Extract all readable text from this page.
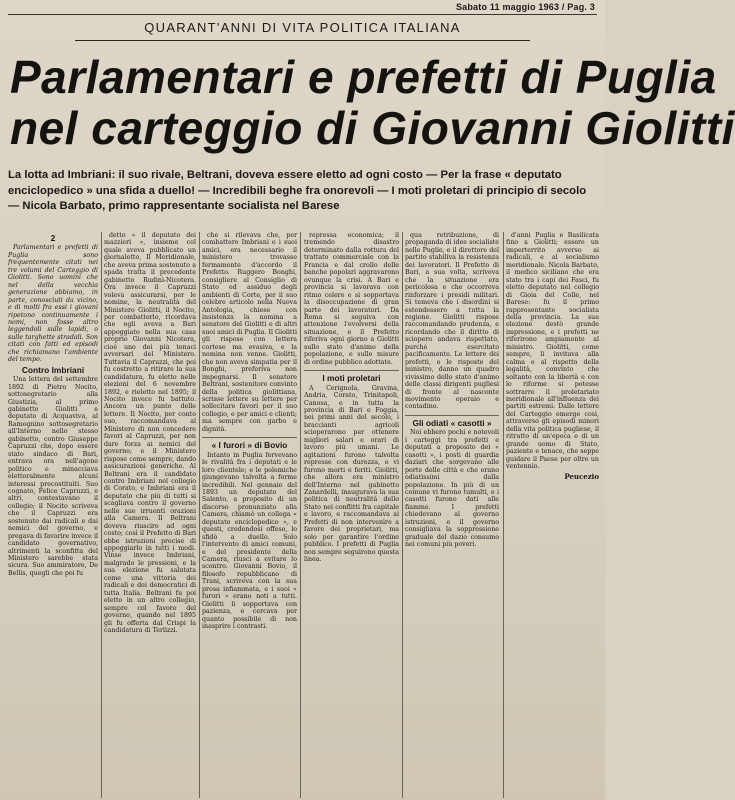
Sabato 11 maggio 1963 / Pag. 3
QUARANT'ANNI DI VITA POLITICA ITALIANA
Parlamentari e prefetti di Puglia
nel carteggio di Giovanni Giolitti
La lotta ad Imbriani: il suo rivale, Beltrani, doveva essere eletto ad ogni costo — Per la frase « deputato enciclopedico » una sfida a duello! — Incredibili beghe fra onorevoli — I moti proletari di principio di secolo — Nicola Barbato, primo rappresentante socialista nel Barese
2

Parlamentari e prefetti di Puglia sono frequentemente citati nei tre volumi del Carteggio di Giolitti. Sono uomini che nel della vecchia generazione abbiamo, in parte, conosciuti da vicino, e di molti fra essi i giovani ripetono continuamente i nomi, non fosse altro leggendoli sulle lapidi, o sulle targhette stradali. Son citati con fatti ed episodi che richiamano l'ambiente del tempo.

Contro Imbriani

Una lettera del settembre 1892 di Pietro Nocito, sottosegretario alla Giustizia, al primo gabinetto Giolitti e deputato di Acquaviva, al Ramognino sottosegretario all'Interno nello stesso gabinetto, contro Giuseppe Capruzzi che, dopo essere stato sindaco di Bari, entrava ora nell'agone politico e minacciava elettoralmente alcuni interessi precostituiti. Suo cognato, Felice Capruzzi, e altri, contestavano il collegio; il Nocito scriveva che il Capruzzi era sostenuto dai radicali e dai nemici del governo, e pregava di favorire invece il candidato governativo, altrimenti la sconfitta del Ministero sarebbe stata sicura. Suo ammiratore, De Bellis, quegli che poi fu

detto « il deputato dei mazzieri », insieme col quale aveva pubblicato un giornaletto, Il Meridionale, che aveva prima sostenuto a spada tratta il precedente gabinetto Rudinì-Nicotera. Ora invece il Capruzzi voleva assicurarsi, per le nomine, la neutralità del Ministero Giolitti, il Nocito, per combatterlo, ricordava che egli aveva a Bari appoggiato nella sua casa proprio Giovanni Nicotera, cioè uno dei più tenaci avversari del Ministero. Tuttavia il Capruzzi, che poi fu costretto a ritirare la sua candidatura, fu eletto nelle elezioni del 6 novembre 1892, e rieletto nel 1895; il Nocito invece fu battuto. Ancora un punto delle lettere. Il Nocito, per conto suo, raccomandava al Ministero di non concedere favori al Capruzzi, per non dare forza ai nemici del governo; e il Ministero rispose come sempre, dando assicurazioni generiche. Al Beltrani era il candidato contro Imbriani nel collegio di Corato, e Imbriani era il deputato che più di tutti si scagliava contro il governo nelle sue irruenti orazioni alla Camera. Il Beltrani doveva riuscire ad ogni costo; così il Prefetto di Bari ebbe istruzioni precise di appoggiarlo in tutti i modi. Vinse invece Imbriani, malgrado le pressioni, e la sua elezione fu salutata come una vittoria dei radicali e dei democratici di tutta Italia. Beltrani fu poi eletto in un altro collegio, sempre col favore del governo, quando nel 1895 gli fu offerta dal Crispi la candidatura di Terlizzi.

che si rilevava che, per combattere Imbriani e i suoi amici, era necessario il ministero trovasse fermamente d'accordo il Prefetto. Ruggero Bonghi, consigliere al Consiglio di Stato ed assiduo degli ambienti di Corte, per il suo celebre articolo nella Nuova Antologia, chiese con insistenza la nomina a senatore del Giolitti e di altri suoi amici di Puglia. Il Giolitti gli rispose con lettera cortese ma evasiva, e la nomina non venne. Giolitti, che non aveva simpatia per il Bonghi, preferiva non impegnarsi. Il senatore Beltrani, sostenitore convinto della politica giolittiana, scrisse lettere su lettere per sollecitare favori per il suo collegio, e per amici e clienti; ma sempre con garbo e dignità.

« I furori » di Bovio

Intanto in Puglia fervevano le rivalità fra i deputati e le loro clientele; e le polemiche giungevano talvolta a forme incredibili. Nel gennaio del 1893 un deputato del Salento, a proposito di un discorso pronunziato alla Camera, chiamò un collega « deputato enciclopedico », e questi, credendosi offeso, lo sfidò a duello. Solo l'intervento di amici comuni, e del presidente della Camera, riuscì a evitare lo scontro. Giovanni Bovio, il filosofo repubblicano di Trani, scriveva con la sua prosa infiammata, e i suoi « furori » erano noti a tutti. Giolitti li sopportava con pazienza, e cercava per quanto possibile di non inasprire i contrasti.

repressa economica; il tremendo disastro determinato dalla rottura del trattato commerciale con la Francia e dal crollo delle banche popolari aggravarono ovunque la crisi. A Bari e provincia si lavorava con ritmo celere e si sopportava la disoccupazione di gran parte dei lavoratori. Da Roma si seguiva con attenzione l'evolversi della situazione, e il Prefetto riferiva ogni giorno a Giolitti sullo stato d'animo della popolazione, e sulle misure di ordine pubblico adottate.

I moti proletari

A Cerignola, Gravina, Andria, Corato, Trinitapoli, Canosa, e in tutta la provincia di Bari e Foggia, nei primi anni del secolo, i braccianti agricoli scioperarono per ottenere migliori salari e orari di lavoro più umani. Le agitazioni furono talvolta represse con durezza, e vi furono morti e feriti. Giolitti, che allora era ministro dell'Interno nel gabinetto Zanardelli, inaugurava la sua politica di neutralità dello Stato nei conflitti fra capitale e lavoro, e raccomandava ai Prefetti di non intervenire a favore dei proprietari, ma solo per garantire l'ordine pubblico. I prefetti di Puglia non sempre seguirono questa linea.

qua retribuzione, di propaganda di idee socialiste nelle Puglie, e il direttore del partito stabiliva la resistenza dei lavoratori. Il Prefetto di Bari, a sua volta, scriveva che la situazione era pericolosa e che occorreva rinforzare i presidi militari. Si temeva che i disordini si estendessero a tutta la regione. Giolitti rispose raccomandando prudenza, e ricordando che il diritto di sciopero andava rispettato, purché esercitato pacificamente. Le lettere dei prefetti, e le risposte del ministro, danno un quadro vivissimo dello stato d'animo delle classi dirigenti pugliesi di fronte al nascente movimento operaio e contadino.

Gli odiati « casotti »

Noi ebbero pochi e notevoli i carteggi tra prefetti e deputati a proposito dei « casotti », i posti di guardia daziari che sorgevano alle porte delle città e che erano odiatissimi dalla popolazione. In più di un comune vi furono tumulti, e i casotti furono dati alle fiamme. I prefetti chiedevano al governo istruzioni, e il governo consigliava la soppressione graduale del dazio consumo nei comuni più poveri.

d'anni Puglia e Basilicata fino a Giolitti; essere un imperterrito avverso ai radicali, e al socialismo meridionale. Nicola Barbato, il medico siciliano che era stato tra i capi dei Fasci, fu eletto deputato nel collegio di Gioia del Colle, nel Barese: fu il primo rappresentante socialista della provincia. La sua elezione destò grande impressione, e i prefetti ne riferirono ampiamente al ministro. Giolitti, come sempre, li invitava alla calma e al rispetto della legalità, convinto che soltanto con la libertà e con le riforme si potesse sottrarre il proletariato meridionale all'influenza dei partiti estremi. Dalle lettere del Carteggio emerge così, attraverso gli episodi minori della vita politica pugliese, il ritratto di un'epoca e di un grande uomo di Stato, paziente e tenace, che seppe guidare il Paese per oltre un ventennio.

Peucezio
